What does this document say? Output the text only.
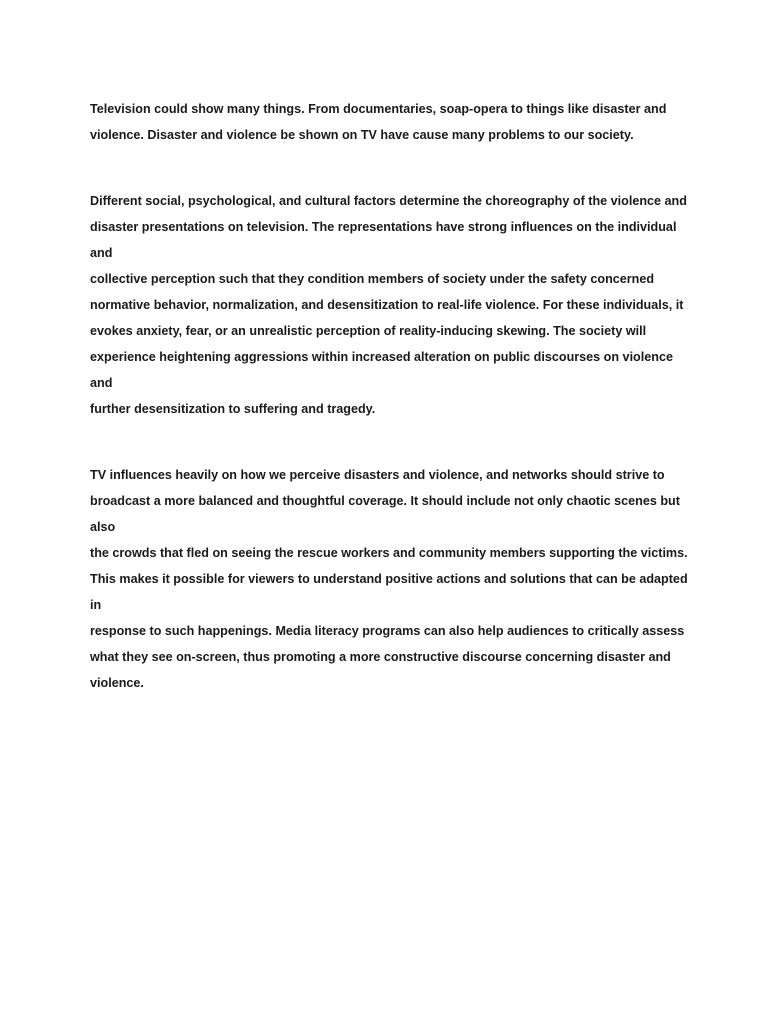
Television could show many things. From documentaries, soap-opera to things like disaster and
violence. Disaster and violence be shown on TV have cause many problems to our society.

Different social, psychological, and cultural factors determine the choreography of the violence and
disaster presentations on television. The representations have strong influences on the individual and
collective perception such that they condition members of society under the safety concerned
normative behavior, normalization, and desensitization to real-life violence. For these individuals, it
evokes anxiety, fear, or an unrealistic perception of reality-inducing skewing. The society will
experience heightening aggressions within increased alteration on public discourses on violence and
further desensitization to suffering and tragedy.

TV influences heavily on how we perceive disasters and violence, and networks should strive to
broadcast a more balanced and thoughtful coverage. It should include not only chaotic scenes but also
the crowds that fled on seeing the rescue workers and community members supporting the victims.
This makes it possible for viewers to understand positive actions and solutions that can be adapted in
response to such happenings. Media literacy programs can also help audiences to critically assess
what they see on-screen, thus promoting a more constructive discourse concerning disaster and
violence.
